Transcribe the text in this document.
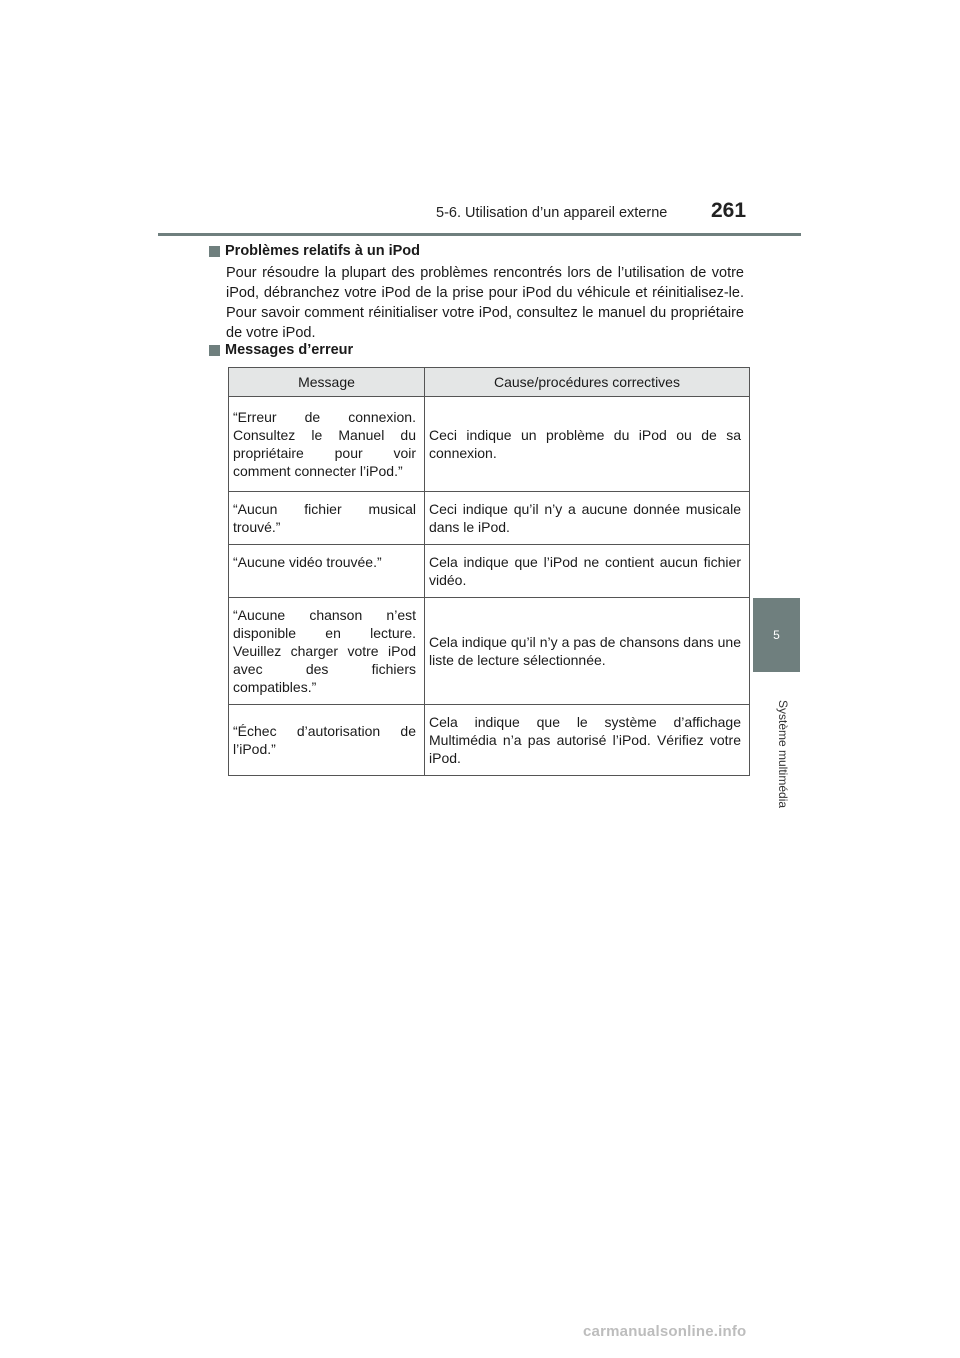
5-6. Utilisation d’un appareil externe 261
5
Système multimédia
Problèmes relatifs à un iPod
Pour résoudre la plupart des problèmes rencontrés lors de l’utilisation de votre iPod, débranchez votre iPod de la prise pour iPod du véhicule et réinitialisez-le. Pour savoir comment réinitialiser votre iPod, consultez le manuel du propriétaire de votre iPod.
Messages d’erreur
Message	Cause/procédures correctives
“Erreur de connexion. Consultez le Manuel du propriétaire pour voir comment connecter l’iPod.”	Ceci indique un problème du iPod ou de sa connexion.
“Aucun fichier musical trouvé.”	Ceci indique qu’il n’y a aucune donnée musicale dans le iPod.
“Aucune vidéo trouvée.”	Cela indique que l’iPod ne contient aucun fichier vidéo.
“Aucune chanson n’est disponible en lecture. Veuillez charger votre iPod avec des fichiers compatibles.”	Cela indique qu’il n’y a pas de chansons dans une liste de lecture sélectionnée.
“Échec d’autorisation de l’iPod.”	Cela indique que le système d’affichage Multimédia n’a pas autorisé l’iPod. Vérifiez votre iPod.
carmanualsonline.info
